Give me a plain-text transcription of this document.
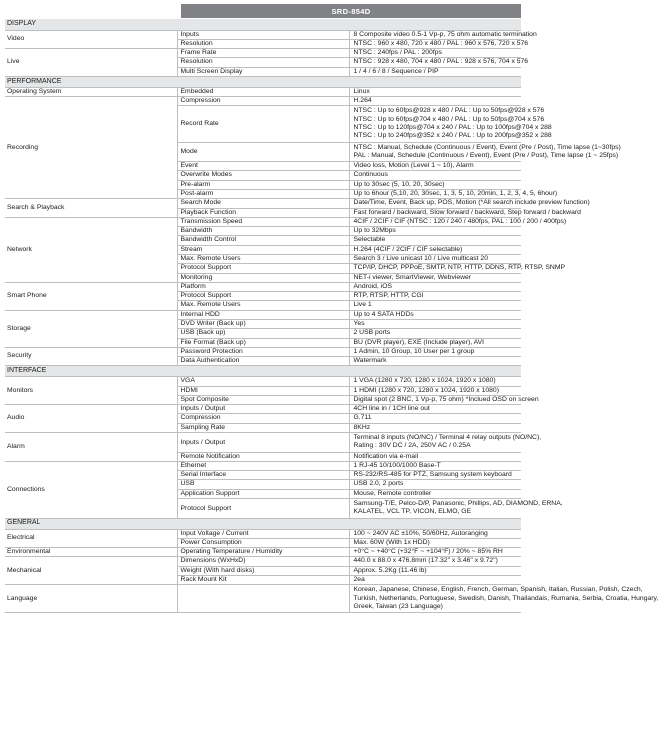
SRD-854D
DISPLAY		
Video	Inputs	8 Composite video 0.5-1 Vp-p, 75 ohm automatic termination

	Resolution	NTSC : 960 x 480, 720 x 480 / PAL : 960 x 576, 720 x 576

Live	Frame Rate	NTSC : 240fps / PAL : 200fps

	Resolution	NTSC : 928 x 480, 704 x 480 / PAL : 928 x 576, 704 x 576

	Multi Screen Display	1 / 4 / 6 / 8 / Sequence / PIP

PERFORMANCE		
Operating System	Embedded	Linux

Recording	Compression	H.264

	Record Rate	NTSC : Up to 60fps@928 x 480 / PAL : Up to 50fps@928 x 576
NTSC : Up to 60fps@704 x 480 / PAL : Up to 50fps@704 x 576
NTSC : Up to 120fps@704 x 240 / PAL : Up to 100fps@704 x 288
NTSC : Up to 240fps@352 x 240 / PAL : Up to 200fps@352 x 288

	Mode	NTSC : Manual, Schedule (Continuous / Event), Event (Pre / Post), Time lapse (1~30fps)
PAL : Manual, Schedule (Continuous / Event), Event (Pre / Post), Time lapse (1 ~ 25fps)

	Event	Video loss, Motion (Level 1 ~ 10), Alarm

	Overwrite Modes	Continuous

	Pre-alarm	Up to 30sec (5, 10, 20, 30sec)

	Post-alarm	Up to 6hour (5,10, 20, 30sec, 1, 3, 5, 10, 20min, 1, 2, 3, 4, 5, 6hour)

Search & Playback	Search Mode	Date/Time, Event, Back up, POS, Motion (*All search include preview function)

	Playback Function	Fast forward / backward, Slow forward / backward, Step forward / backward

Network	Transmission Speed	4CIF / 2CIF / CIF (NTSC : 120 / 240 / 480fps, PAL : 100 / 200 / 400fps)

	Bandwidth	Up to 32Mbps

	Bandwidth Control	Selectable

	Stream	H.264 (4CIF / 2CIF / CIF selectable)

	Max. Remote Users	Search 3 / Live unicast 10 / Live multicast 20

	Protocol Support	TCP/IP, DHCP, PPPoE, SMTP, NTP, HTTP, DDNS, RTP, RTSP, SNMP

	Monitoring	NET-i viewer, SmartViewer, Webviewer

Smart Phone	Platform	Android, iOS

	Protocol Support	RTP, RTSP, HTTP, CGI

	Max. Remote Users	Live 1

Storage	Internal HDD	Up to 4 SATA HDDs

	DVD Writer (Back up)	Yes

	USB (Back up)	2 USB ports

	File Format (Back up)	BU (DVR player), EXE (Include player), AVI

Security	Password Protection	1 Admin, 10 Group, 10 User per 1 group

	Data Authentication	Watermark

INTERFACE		
Monitors	VGA	1 VGA (1280 x 720, 1280 x 1024, 1920 x 1080)

	HDMI	1 HDMI (1280 x 720, 1280 x 1024, 1920 x 1080)

	Spot Composite	Digital spot (2 BNC, 1 Vp-p, 75 ohm) *Inclued OSD on screen

Audio	Inputs / Output	4CH line in / 1CH line out

	Compression	G.711

	Sampling Rate	8KHz

Alarm	Inputs / Output	Terminal 8 inputs (NO/NC) / Terminal 4 relay outputs (NO/NC),
Rating : 30V DC / 2A, 250V AC / 0.25A

	Remote Notification	Notification via e-mail

Connections	Ethernet	1 RJ-45 10/100/1000 Base-T

	Serial Interface	RS-232/RS-485 for PTZ, Samsung system keyboard

	USB	USB 2.0, 2 ports

	Application Support	Mouse, Remote controller

	Protocol Support	Samsung-T/E, Pelco-D/P, Panasonic, Phillips, AD, DIAMOND, ERNA,
KALATEL, VCL TP, VICON, ELMO, GE

GENERAL		
Electrical	Input Voltage / Current	100 ~ 240V AC ±10%, 50/60Hz, Autoranging

	Power Consumption	Max. 60W (With 1x HDD)

Environmental	Operating Temperature / Humidity	+0°C ~ +40°C (+32°F ~ +104°F) / 20% ~ 85% RH

Mechanical	Dimensions (WxHxD)	440.0 x 88.0 x 476.8mm (17.32" x 3.46" x 9.72")

	Weight (With hard disks)	Approx. 5.2Kg (11.46 lb)

	Rack Mount Kit	2ea

Language		Korean, Japanese, Chinese, English, French, German, Spanish, Italian, Russian, Polish, Czech,
Turkish, Netherlands, Portuguese, Swedish, Danish, Thailandais, Rumania, Serbia, Croatia, Hungary,
Greek, Taiwan (23 Language)
